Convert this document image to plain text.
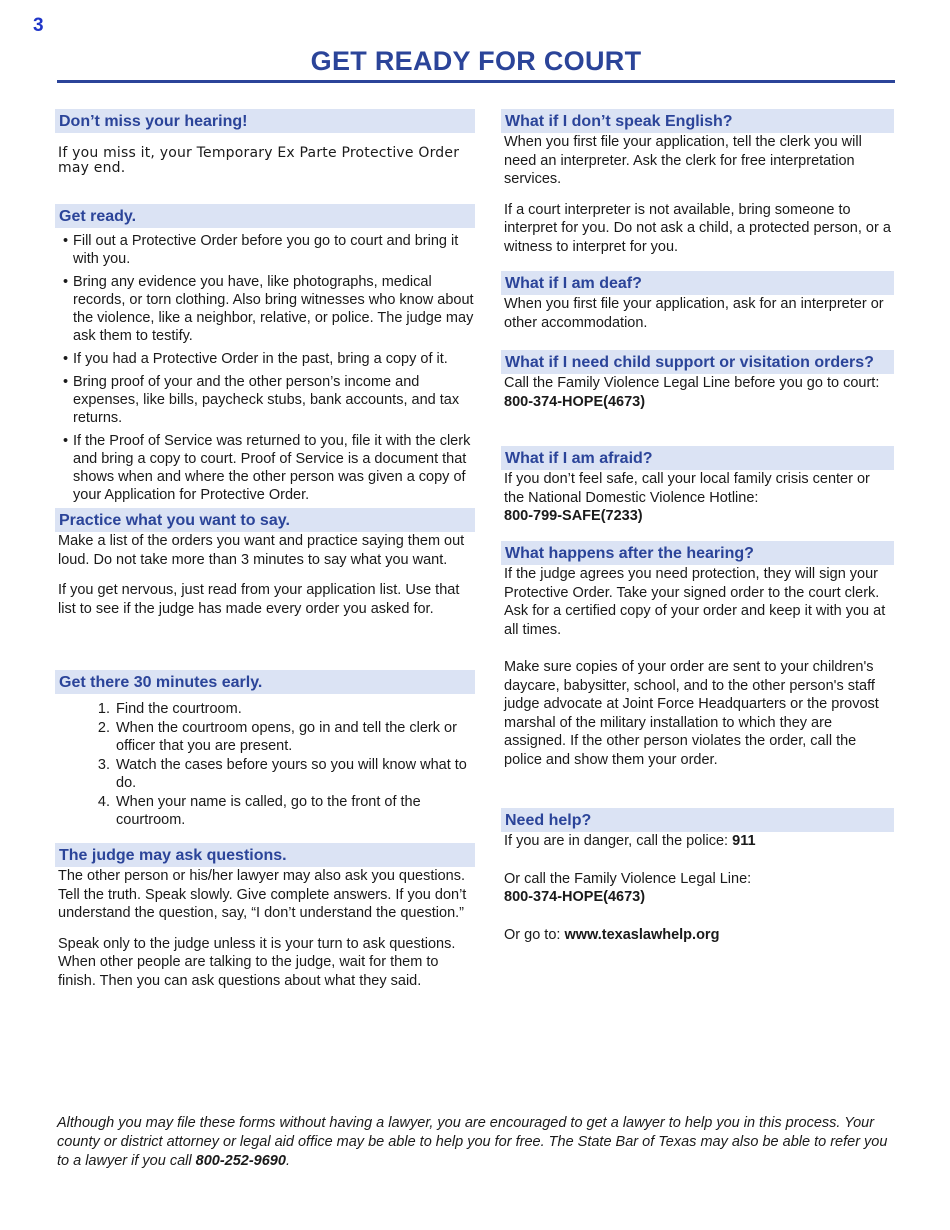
3
GET READY FOR COURT
Don’t miss your hearing!

If you miss it, your Temporary Ex Parte Protective Order may end.

Get ready.
• Fill out a Protective Order before you go to court and bring it with you.
• Bring any evidence you have, like photographs, medical records, or torn clothing. Also bring witnesses who know about the violence, like a neighbor, relative, or police. The judge may ask them to testify.
• If you had a Protective Order in the past, bring a copy of it.
• Bring proof of your and the other person’s income and expenses, like bills, paycheck stubs, bank accounts, and tax returns.
• If the Proof of Service was returned to you, file it with the clerk and bring a copy to court. Proof of Service is a document that shows when and where the other person was given a copy of your Application for Protective Order.
Practice what you want to say.

Make a list of the orders you want and practice saying them out loud. Do not take more than 3 minutes to say what you want.

If you get nervous, just read from your application list. Use that list to see if the judge has made every order you asked for.

Get there 30 minutes early.
1. Find the courtroom.
2. When the courtroom opens, go in and tell the clerk or officer that you are present.
3. Watch the cases before yours so you will know what to do.
4. When your name is called, go to the front of the courtroom.
The judge may ask questions.

The other person or his/her lawyer may also ask you questions. Tell the truth. Speak slowly. Give complete answers. If you don’t understand the question, say, “I don’t understand the question.”

Speak only to the judge unless it is your turn to ask questions. When other people are talking to the judge, wait for them to finish. Then you can ask questions about what they said.

What if I don’t speak English?

When you first file your application, tell the clerk you will need an interpreter. Ask the clerk for free interpretation services.

If a court interpreter is not available, bring someone to interpret for you. Do not ask a child, a protected person, or a witness to interpret for you.

What if I am deaf?

When you first file your application, ask for an interpreter or other accommodation.

What if I need child support or visitation orders?

Call the Family Violence Legal Line before you go to court: 800-374-HOPE(4673)

What if I am afraid?

If you don’t feel safe, call your local family crisis center or the National Domestic Violence Hotline:

800-799-SAFE(7233)

What happens after the hearing?

If the judge agrees you need protection, they will sign your Protective Order. Take your signed order to the court clerk. Ask for a certified copy of your order and keep it with you at all times.

Make sure copies of your order are sent to your children's daycare, babysitter, school, and to the other person's staff judge advocate at Joint Force Headquarters or the provost marshal of the military installation to which they are assigned. If the other person violates the order, call the police and show them your order.

Need help?

If you are in danger, call the police: 911

Or call the Family Violence Legal Line:

800-374-HOPE(4673)

Or go to: www.texaslawhelp.org

Although you may file these forms without having a lawyer, you are encouraged to get a lawyer to help you in this process. Your county or district attorney or legal aid office may be able to help you for free. The State Bar of Texas may also be able to refer you to a lawyer if you call 800-252-9690.
